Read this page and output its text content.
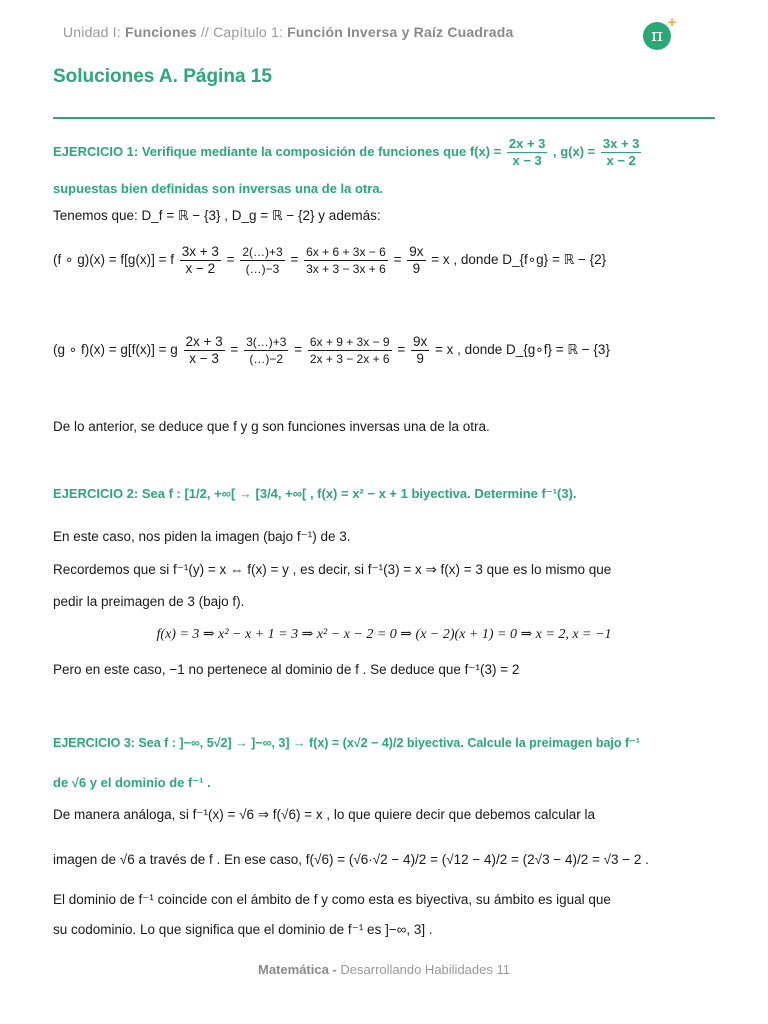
Unidad I: Funciones // Capítulo 1: Función Inversa y Raíz Cuadrada	π
+
Soluciones A. Página 15
EJERCICIO 1: Verifique mediante la composición de funciones que $f(x) = \frac{2x + 3}{x - 3}$ , $g(x) = \frac{3x + 3}{x - 2}$
supuestas bien definidas son inversas una de la otra.
Tenemos que: D_f = ℝ − {3} , D_g = ℝ − {2} y además:
(f ∘ g)(x) = f[g(x)] = f $\frac{3x + 3}{x - 2} = \frac{2(\dots)+3}{(\dots)-3} = \frac{6x + 6 + 3x - 6}{3x + 3 - 3x + 6} = \frac{9x}{9} = x$ , donde D_{f∘g} = ℝ − {2}
(g ∘ f)(x) = g[f(x)] = g $\frac{2x + 3}{x - 3} = \frac{3(\dots)+3}{(\dots)-2} = \frac{6x + 9 + 3x - 9}{2x + 3 - 2x + 6} = \frac{9x}{9} = x$ , donde D_{g∘f} = ℝ − {3}
De lo anterior, se deduce que f y g son funciones inversas una de la otra.
EJERCICIO 2: Sea f : [1/2, +∞[ → [3/4, +∞[ , f(x) = x² − x + 1 biyectiva. Determine f⁻¹(3).
En este caso, nos piden la imagen (bajo f⁻¹) de 3.
Recordemos que si f⁻¹(y) = x ⇔ f(x) = y , es decir, si f⁻¹(3) = x ⇒ f(x) = 3 que es lo mismo que
pedir la preimagen de 3 (bajo f).
f(x) = 3 ⇒ x² − x + 1 = 3 ⇒ x² − x − 2 = 0 ⇒ (x − 2)(x + 1) = 0 ⇒ x = 2, x = −1
Pero en este caso, −1 no pertenece al dominio de f . Se deduce que f⁻¹(3) = 2
EJERCICIO 3: Sea f : ]−∞, 5√2] → ]−∞, 3] → f(x) = (x√2 − 4)/2 biyectiva. Calcule la preimagen bajo f⁻¹
de √6 y el dominio de f⁻¹ .
De manera análoga, si f⁻¹(x) = √6 ⇒ f(√6) = x , lo que quiere decir que debemos calcular la
imagen de √6 a través de f . En ese caso, f(√6) = (√6·√2 − 4)/2 = (√12 − 4)/2 = (2√3 − 4)/2 = √3 − 2 .
El dominio de f⁻¹ coincide con el ámbito de f y como esta es biyectiva, su ámbito es igual que
su codominio. Lo que significa que el dominio de f⁻¹ es ]−∞, 3] .
Matemática - Desarrollando Habilidades 11
